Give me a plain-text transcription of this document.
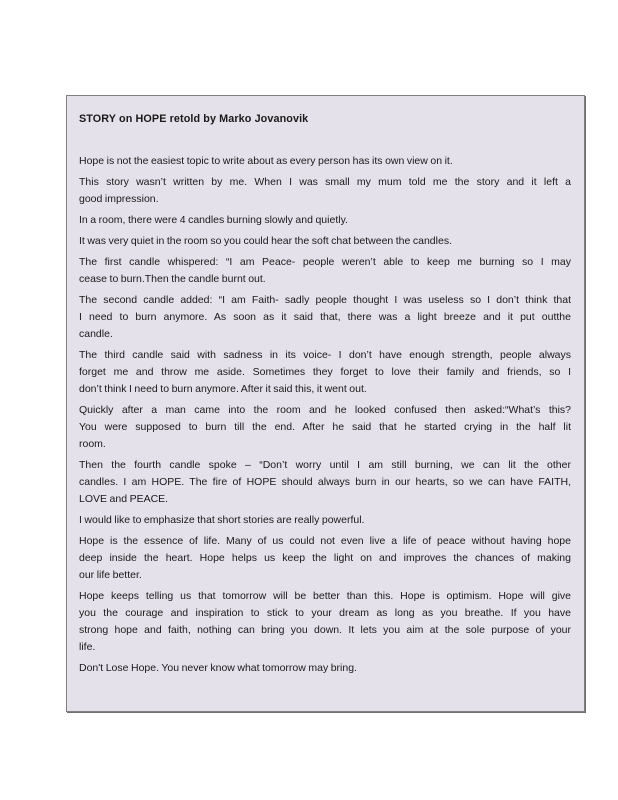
STORY on HOPE retold by Marko Jovanovik
Hope is not the easiest topic to write about as every person has its own view on it.
This story wasn’t written by me. When I was small my mum told me the story and it left a
good impression.
In a room, there were 4 candles burning slowly and quietly.
It was very quiet in the room so you could hear the soft chat between the candles.
The first candle whispered: “I am Peace- people weren’t able to keep me burning so I may
cease to burn.Then the candle burnt out.
The second candle added: “I am Faith- sadly people thought I was useless so I don’t think that
I need to burn anymore. As soon as it said that, there was a light breeze and it put outthe
candle.
The third candle said with sadness in its voice- I don’t have enough strength, people always
forget me and throw me aside. Sometimes they forget to love their family and friends, so I
don’t think I need to burn anymore. After it said this, it went out.
Quickly after a man came into the room and he looked confused then asked:“What’s this?
You were supposed to burn till the end. After he said that he started crying in the half lit
room.
Then the fourth candle spoke – “Don’t worry until I am still burning, we can lit the other
candles. I am HOPE. The fire of HOPE should always burn in our hearts, so we can have FAITH,
LOVE and PEACE.
I would like to emphasize that short stories are really powerful.
Hope is the essence of life. Many of us could not even live a life of peace without having hope
deep inside the heart. Hope helps us keep the light on and improves the chances of making
our life better.
Hope keeps telling us that tomorrow will be better than this. Hope is optimism. Hope will give
you the courage and inspiration to stick to your dream as long as you breathe. If you have
strong hope and faith, nothing can bring you down. It lets you aim at the sole purpose of your
life.
Don't Lose Hope. You never know what tomorrow may bring.
